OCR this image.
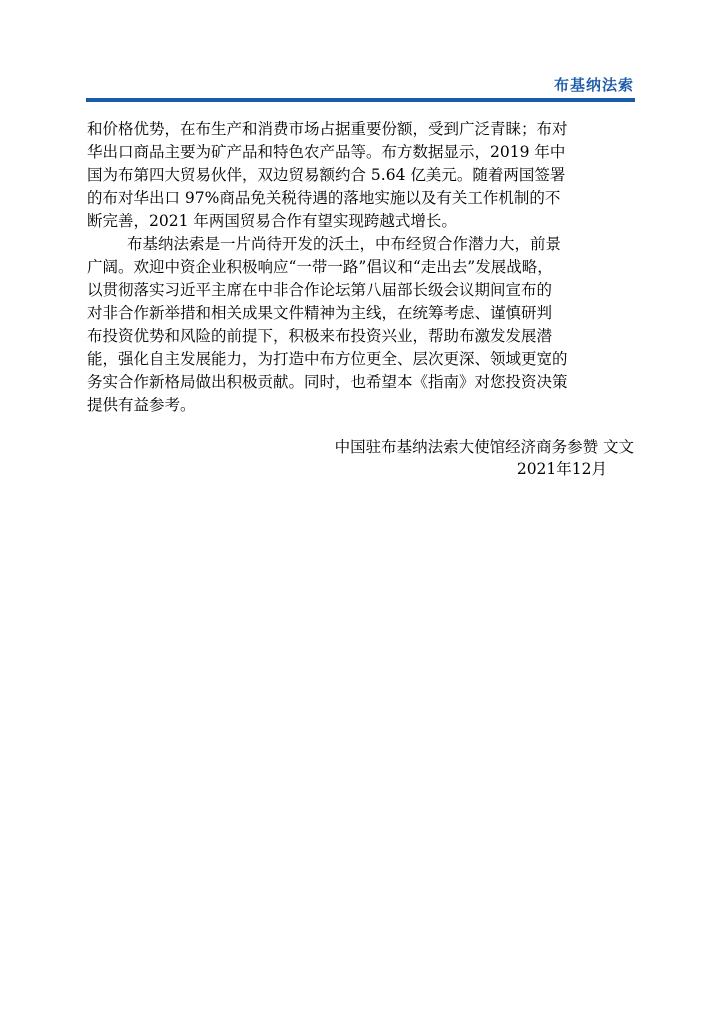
布基纳法索
和价格优势，在布生产和消费市场占据重要份额，受到广泛青睐；布对
华出口商品主要为矿产品和特色农产品等。布方数据显示，2019 年中
国为布第四大贸易伙伴，双边贸易额约合 5.64 亿美元。随着两国签署
的布对华出口 97%商品免关税待遇的落地实施以及有关工作机制的不
断完善，2021 年两国贸易合作有望实现跨越式增长。
布基纳法索是一片尚待开发的沃土，中布经贸合作潜力大，前景
广阔。欢迎中资企业积极响应“一带一路”倡议和“走出去”发展战略，
以贯彻落实习近平主席在中非合作论坛第八届部长级会议期间宣布的
对非合作新举措和相关成果文件精神为主线，在统筹考虑、谨慎研判
布投资优势和风险的前提下，积极来布投资兴业，帮助布激发发展潜
能，强化自主发展能力，为打造中布方位更全、层次更深、领域更宽的
务实合作新格局做出积极贡献。同时，也希望本《指南》对您投资决策
提供有益参考。
中国驻布基纳法索大使馆经济商务参赞 文文
2021年12月
